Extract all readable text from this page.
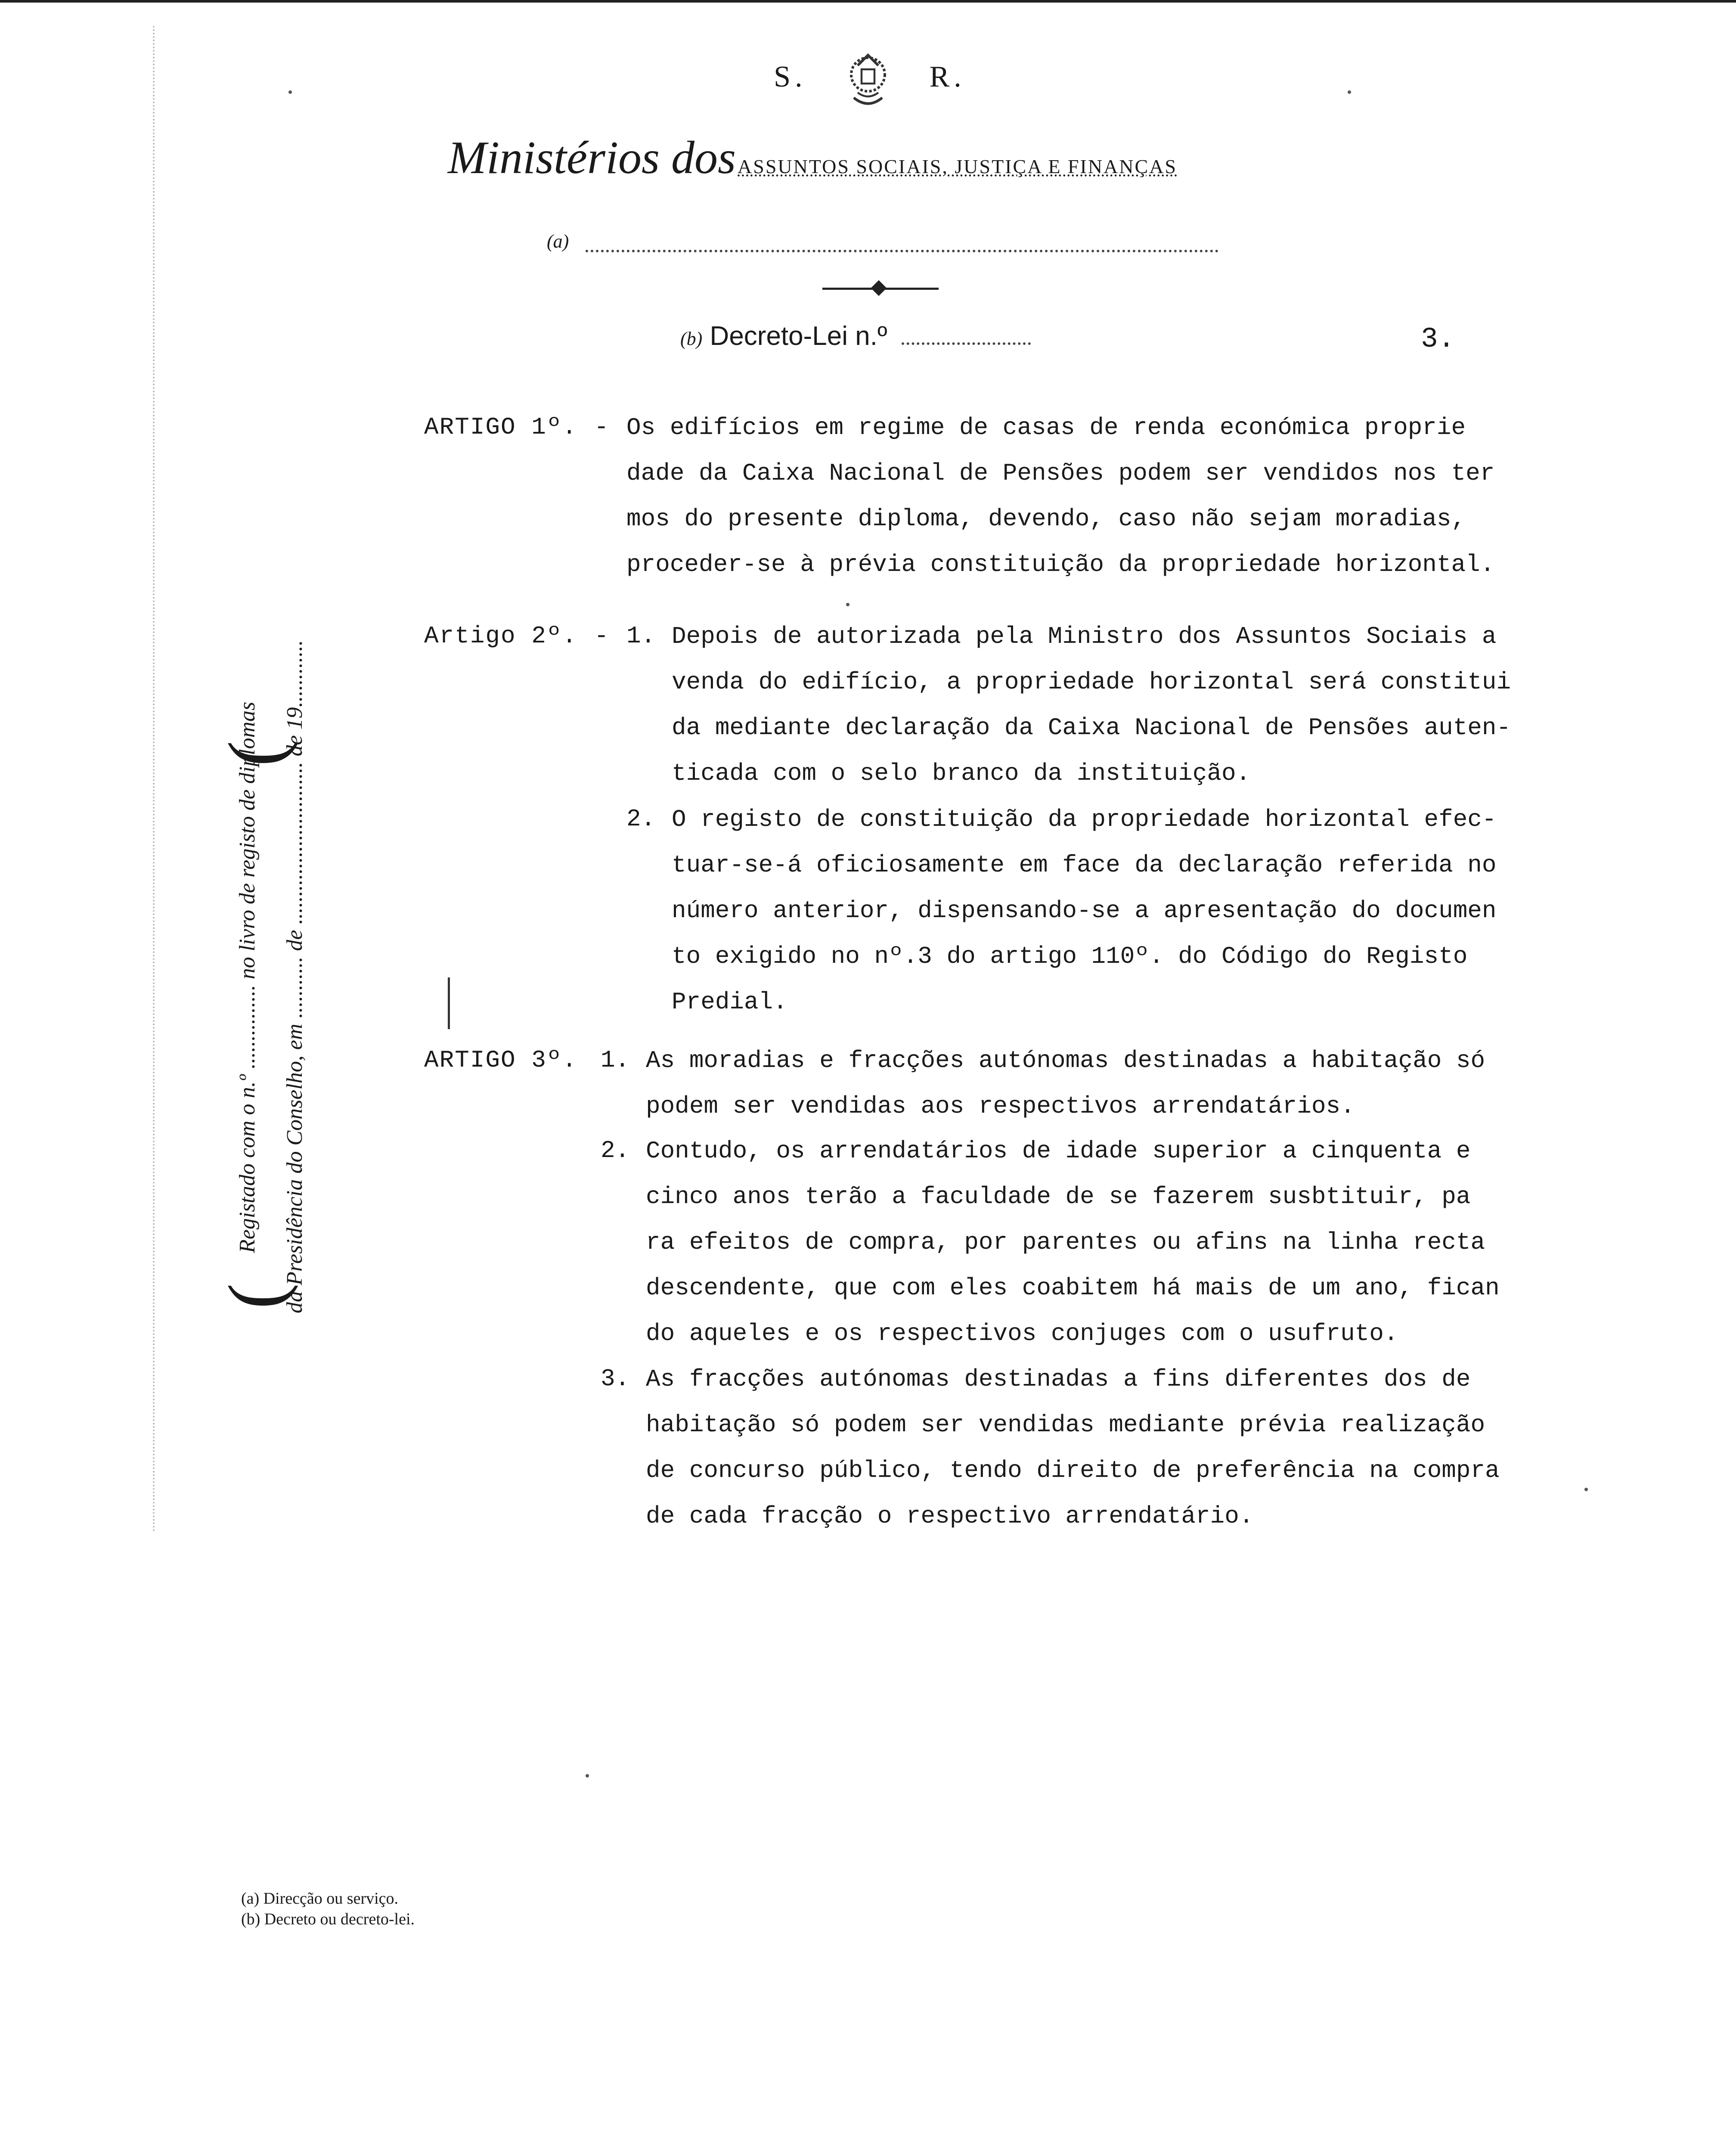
S.	R.
Ministérios dos ASSUNTOS SOCIAIS, JUSTIÇA E FINANÇAS
(a)
(b) Decreto-Lei n.º	3.
(
(
Registado com o n.º ............... no livro de registo de diplomas da Presidência do Conselho, em ........... de ............................. de 19............
ARTIGO 1º. - Os edifícios em regime de casas de renda económica proprie
dade da Caixa Nacional de Pensões podem ser vendidos nos ter
mos do presente diploma, devendo, caso não sejam moradias,
proceder-se à prévia constituição da propriedade horizontal.
Artigo 2º. - 1. Depois de autorizada pela Ministro dos Assuntos Sociais a
venda do edifício, a propriedade horizontal será constitui
da mediante declaração da Caixa Nacional de Pensões auten-
ticada com o selo branco da instituição.
2. O registo de constituição da propriedade horizontal efec-
tuar-se-á oficiosamente em face da declaração referida no
número anterior, dispensando-se a apresentação do documen
to exigido no nº.3 do artigo 110º. do Código do Registo
Predial.
ARTIGO 3º. 1. As moradias e fracções autónomas destinadas a habitação só
podem ser vendidas aos respectivos arrendatários.
2. Contudo, os arrendatários de idade superior a cinquenta e
cinco anos terão a faculdade de se fazerem susbtituir, pa
ra efeitos de compra, por parentes ou afins na linha recta
descendente, que com eles coabitem há mais de um ano, fican
do aqueles e os respectivos conjuges com o usufruto.
3. As fracções autónomas destinadas a fins diferentes dos de
habitação só podem ser vendidas mediante prévia realização
de concurso público, tendo direito de preferência na compra
de cada fracção o respectivo arrendatário.
(a) Direcção ou serviço.
(b) Decreto ou decreto-lei.
